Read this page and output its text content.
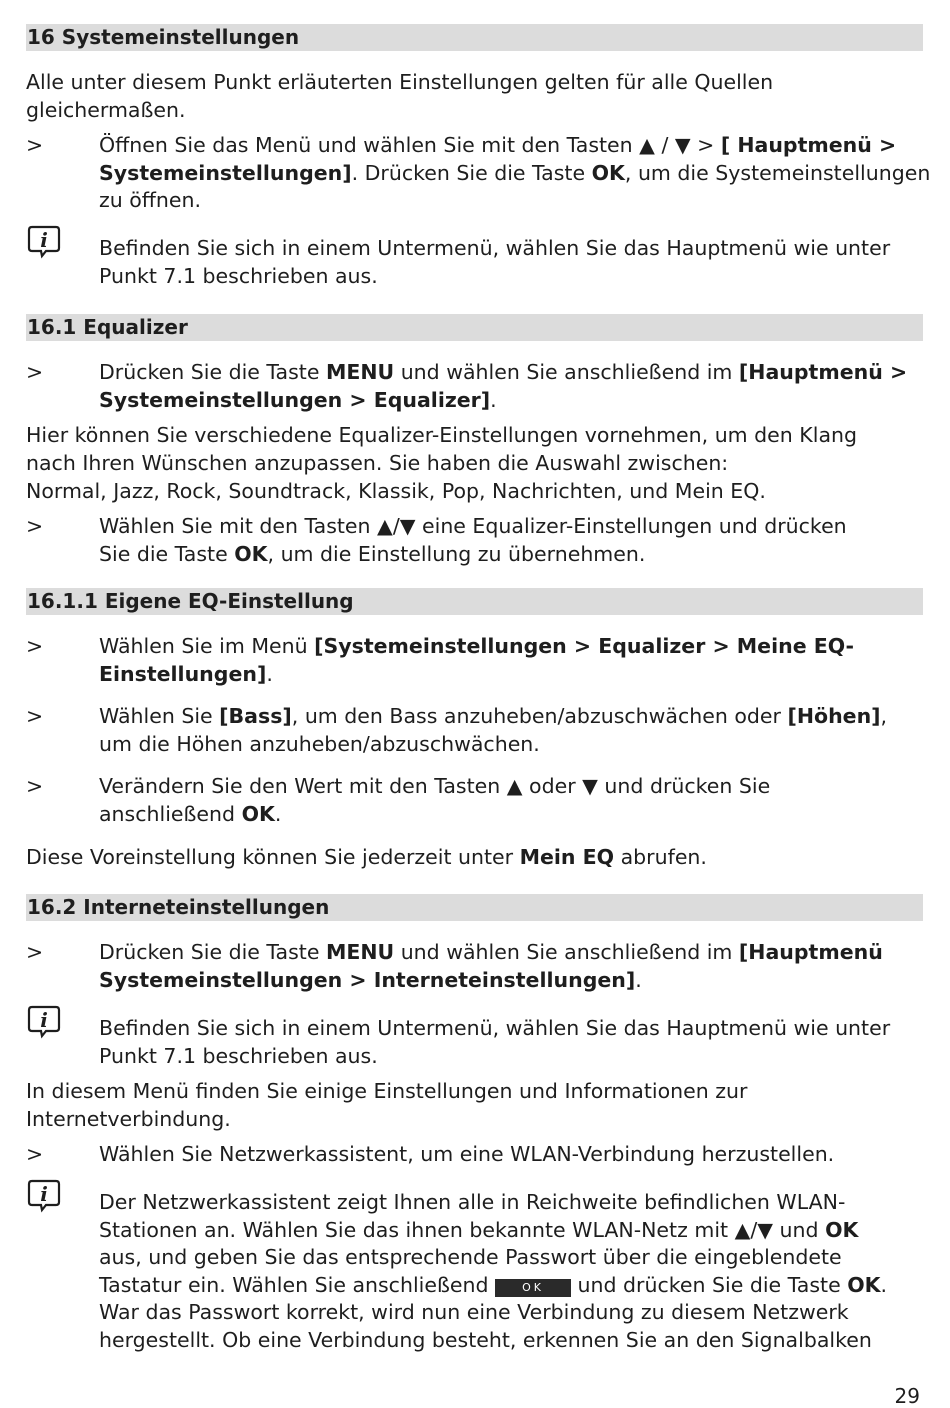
16 Systemeinstellungen
Alle unter diesem Punkt erläuterten Einstellungen gelten für alle Quellen
gleichermaßen.
>	Öffnen Sie das Menü und wählen Sie mit den Tasten ▲ / ▼ > [ Hauptmenü >
Systemeinstellungen]. Drücken Sie die Taste OK, um die Systemeinstellungen
zu öffnen.
i Befinden Sie sich in einem Untermenü, wählen Sie das Hauptmenü wie unter
Punkt 7.1 beschrieben aus.
16.1 Equalizer
>	Drücken Sie die Taste MENU und wählen Sie anschließend im [Hauptmenü >
Systemeinstellungen > Equalizer].
Hier können Sie verschiedene Equalizer-Einstellungen vornehmen, um den Klang
nach Ihren Wünschen anzupassen. Sie haben die Auswahl zwischen:
Normal, Jazz, Rock, Soundtrack, Klassik, Pop, Nachrichten, und Mein EQ.
>	Wählen Sie mit den Tasten ▲/▼ eine Equalizer-Einstellungen und drücken
Sie die Taste OK, um die Einstellung zu übernehmen.
16.1.1 Eigene EQ-Einstellung
>	Wählen Sie im Menü [Systemeinstellungen > Equalizer > Meine EQ-
Einstellungen].
>	Wählen Sie [Bass], um den Bass anzuheben/abzuschwächen oder [Höhen],
um die Höhen anzuheben/abzuschwächen.
>	Verändern Sie den Wert mit den Tasten ▲ oder ▼ und drücken Sie
anschließend OK.
Diese Voreinstellung können Sie jederzeit unter Mein EQ abrufen.
16.2 Interneteinstellungen
>	Drücken Sie die Taste MENU und wählen Sie anschließend im [Hauptmenü
Systemeinstellungen > Interneteinstellungen].
i Befinden Sie sich in einem Untermenü, wählen Sie das Hauptmenü wie unter
Punkt 7.1 beschrieben aus.
In diesem Menü finden Sie einige Einstellungen und Informationen zur
Internetverbindung.
>	Wählen Sie Netzwerkassistent, um eine WLAN-Verbindung herzustellen.
i Der Netzwerkassistent zeigt Ihnen alle in Reichweite befindlichen WLAN-
Stationen an. Wählen Sie das ihnen bekannte WLAN-Netz mit ▲/▼ und OK
aus, und geben Sie das entsprechende Passwort über die eingeblendete
Tastatur ein. Wählen Sie anschließend OK und drücken Sie die Taste OK.
War das Passwort korrekt, wird nun eine Verbindung zu diesem Netzwerk
hergestellt. Ob eine Verbindung besteht, erkennen Sie an den Signalbalken
29
